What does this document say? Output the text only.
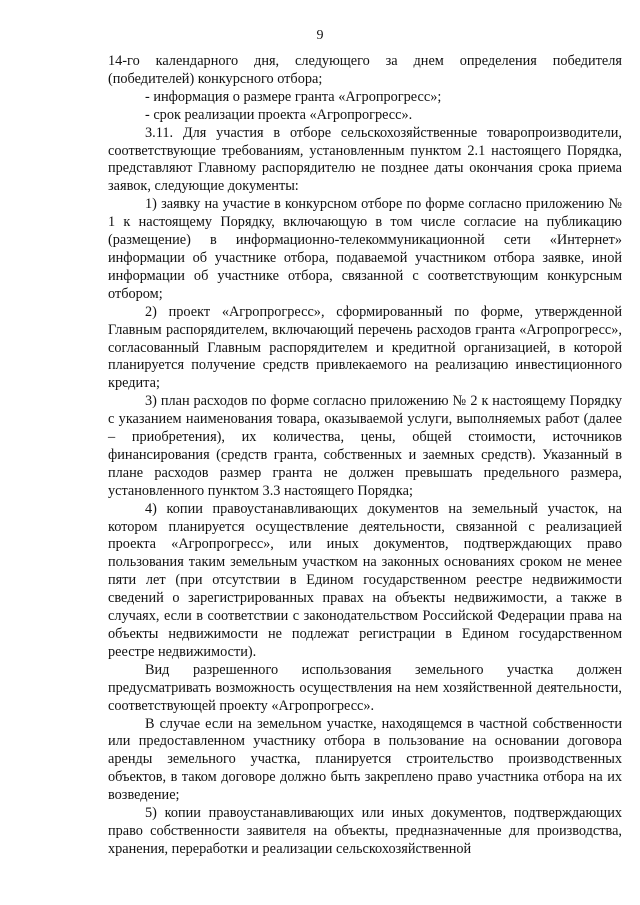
9

14-го календарного дня, следующего за днем определения победителя (победителей) конкурсного отбора;

- информация о размере гранта «Агропрогресс»;

- срок реализации проекта «Агропрогресс».

3.11. Для участия в отборе сельскохозяйственные товаропроизводители, соответствующие требованиям, установленным пунктом 2.1 настоящего Порядка, представляют Главному распорядителю не позднее даты окончания срока приема заявок, следующие документы:

1) заявку на участие в конкурсном отборе по форме согласно приложению № 1 к настоящему Порядку, включающую в том числе согласие на публикацию (размещение) в информационно-телекоммуникационной сети «Интернет» информации об участнике отбора, подаваемой участником отбора заявке, иной информации об участнике отбора, связанной с соответствующим конкурсным отбором;

2) проект «Агропрогресс», сформированный по форме, утвержденной Главным распорядителем, включающий перечень расходов гранта «Агропрогресс», согласованный Главным распорядителем и кредитной организацией, в которой планируется получение средств привлекаемого на реализацию инвестиционного кредита;

3) план расходов по форме согласно приложению № 2 к настоящему Порядку с указанием наименования товара, оказываемой услуги, выполняемых работ (далее – приобретения), их количества, цены, общей стоимости, источников финансирования (средств гранта, собственных и заемных средств). Указанный в плане расходов размер гранта не должен превышать предельного размера, установленного пунктом 3.3 настоящего Порядка;

4) копии правоустанавливающих документов на земельный участок, на котором планируется осуществление деятельности, связанной с реализацией проекта «Агропрогресс», или иных документов, подтверждающих право пользования таким земельным участком на законных основаниях сроком не менее пяти лет (при отсутствии в Едином государственном реестре недвижимости сведений о зарегистрированных правах на объекты недвижимости, а также в случаях, если в соответствии с законодательством Российской Федерации права на объекты недвижимости не подлежат регистрации в Едином государственном реестре недвижимости).

Вид разрешенного использования земельного участка должен предусматривать возможность осуществления на нем хозяйственной деятельности, соответствующей проекту «Агропрогресс».

В случае если на земельном участке, находящемся в частной собственности или предоставленном участнику отбора в пользование на основании договора аренды земельного участка, планируется строительство производственных объектов, в таком договоре должно быть закреплено право участника отбора на их возведение;

5) копии правоустанавливающих или иных документов, подтверждающих право собственности заявителя на объекты, предназначенные для производства, хранения, переработки и реализации сельскохозяйственной
